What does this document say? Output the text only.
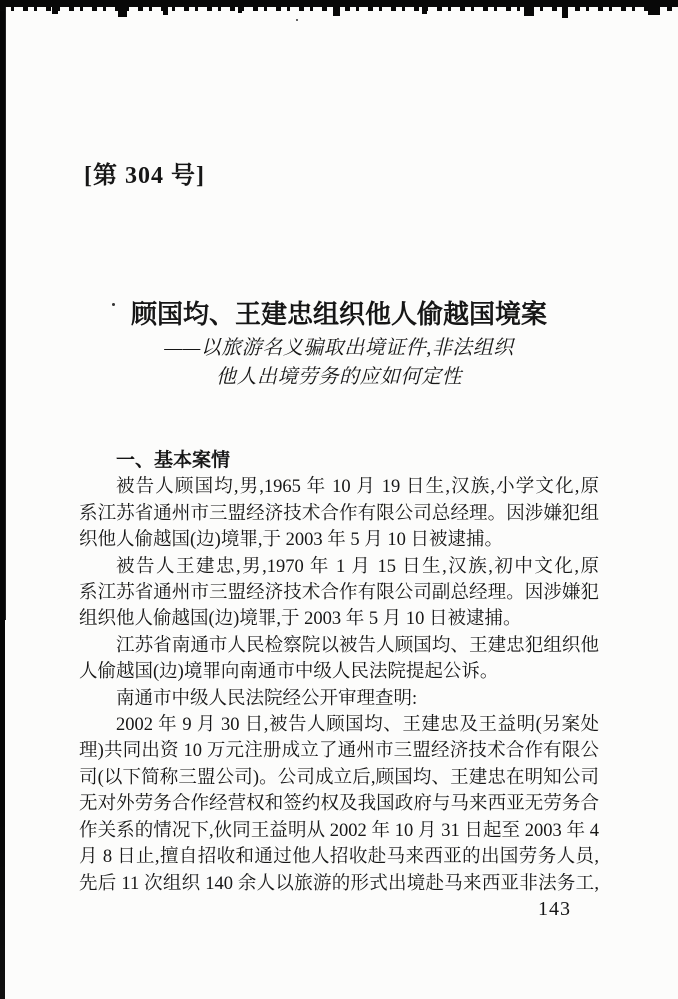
[第 304 号]
顾国均、王建忠组织他人偷越国境案
——以旅游名义骗取出境证件,非法组织
他人出境劳务的应如何定性
一、基本案情
被告人顾国均,男,1965 年 10 月 19 日生,汉族,小学文化,原
系江苏省通州市三盟经济技术合作有限公司总经理。因涉嫌犯组
织他人偷越国(边)境罪,于 2003 年 5 月 10 日被逮捕。
被告人王建忠,男,1970 年 1 月 15 日生,汉族,初中文化,原
系江苏省通州市三盟经济技术合作有限公司副总经理。因涉嫌犯
组织他人偷越国(边)境罪,于 2003 年 5 月 10 日被逮捕。
江苏省南通市人民检察院以被告人顾国均、王建忠犯组织他
人偷越国(边)境罪向南通市中级人民法院提起公诉。
南通市中级人民法院经公开审理查明:
2002 年 9 月 30 日,被告人顾国均、王建忠及王益明(另案处
理)共同出资 10 万元注册成立了通州市三盟经济技术合作有限公
司(以下简称三盟公司)。公司成立后,顾国均、王建忠在明知公司
无对外劳务合作经营权和签约权及我国政府与马来西亚无劳务合
作关系的情况下,伙同王益明从 2002 年 10 月 31 日起至 2003 年 4
月 8 日止,擅自招收和通过他人招收赴马来西亚的出国劳务人员,
先后 11 次组织 140 余人以旅游的形式出境赴马来西亚非法务工,
143
